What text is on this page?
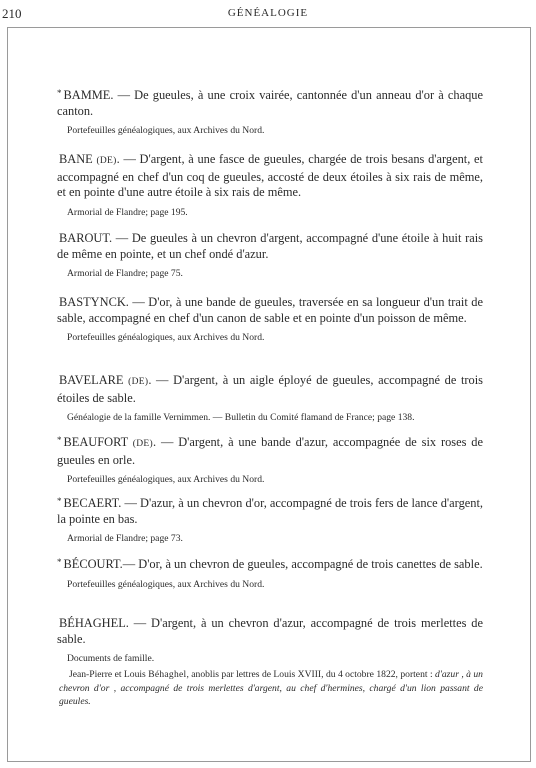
210	GÉNÉALOGIE
* BAMME. — De gueules, à une croix vairée, cantonnée d'un anneau d'or à chaque canton.
Portefeuilles généalogiques, aux Archives du Nord.
BANE (DE). — D'argent, à une fasce de gueules, chargée de trois besans d'argent, et accompagné en chef d'un coq de gueules, accosté de deux étoiles à six rais de même, et en pointe d'une autre étoile à six rais de même.
Armorial de Flandre; page 195.
BAROUT. — De gueules à un chevron d'argent, accompagné d'une étoile à huit rais de même en pointe, et un chef ondé d'azur.
Armorial de Flandre; page 75.
BASTYNCK. — D'or, à une bande de gueules, traversée en sa longueur d'un trait de sable, accompagné en chef d'un canon de sable et en pointe d'un poisson de même.
Portefeuilles généalogiques, aux Archives du Nord.
BAVELARE (DE). — D'argent, à un aigle éployé de gueules, accompagné de trois étoiles de sable.
Généalogie de la famille Vernimmen. — Bulletin du Comité flamand de France; page 138.
* BEAUFORT (DE). — D'argent, à une bande d'azur, accompagnée de six roses de gueules en orle.
Portefeuilles généalogiques, aux Archives du Nord.
* BECAERT. — D'azur, à un chevron d'or, accompagné de trois fers de lance d'argent, la pointe en bas.
Armorial de Flandre; page 73.
* BÉCOURT.— D'or, à un chevron de gueules, accompagné de trois canettes de sable.
Portefeuilles généalogiques, aux Archives du Nord.
BÉHAGHEL. — D'argent, à un chevron d'azur, accompagné de trois merlettes de sable.
Documents de famille.
Jean-Pierre et Louis Béhaghel, anoblis par lettres de Louis XVIII, du 4 octobre 1822, portent : d'azur , à un chevron d'or , accompagné de trois merlettes d'argent, au chef d'hermines, chargé d'un lion passant de gueules.
